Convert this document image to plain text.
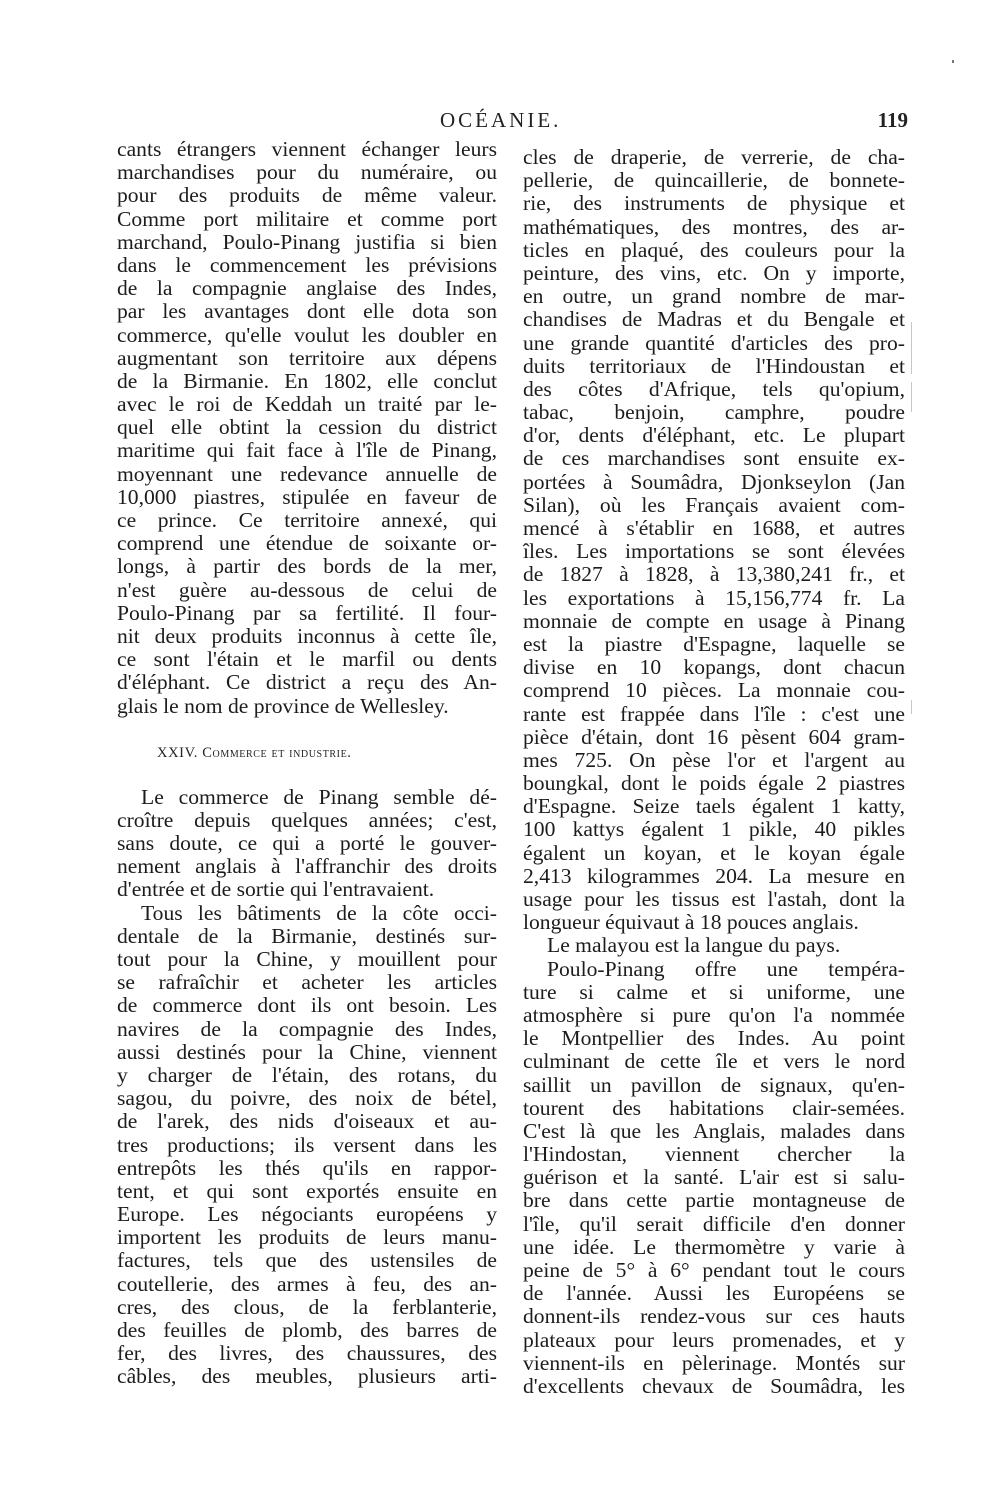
OCÉANIE.	119
cants étrangers viennent échanger leurs
marchandises pour du numéraire, ou
pour des produits de même valeur.
Comme port militaire et comme port
marchand, Poulo-Pinang justifia si bien
dans le commencement les prévisions
de la compagnie anglaise des Indes,
par les avantages dont elle dota son
commerce, qu'elle voulut les doubler en
augmentant son territoire aux dépens
de la Birmanie. En 1802, elle conclut
avec le roi de Keddah un traité par le-
quel elle obtint la cession du district
maritime qui fait face à l'île de Pinang,
moyennant une redevance annuelle de
10,000 piastres, stipulée en faveur de
ce prince. Ce territoire annexé, qui
comprend une étendue de soixante or-
longs, à partir des bords de la mer,
n'est guère au-dessous de celui de
Poulo-Pinang par sa fertilité. Il four-
nit deux produits inconnus à cette île,
ce sont l'étain et le marfil ou dents
d'éléphant. Ce district a reçu des An-
glais le nom de province de Wellesley.
XXIV. Commerce et industrie.
Le commerce de Pinang semble dé-
croître depuis quelques années; c'est,
sans doute, ce qui a porté le gouver-
nement anglais à l'affranchir des droits
d'entrée et de sortie qui l'entravaient.
Tous les bâtiments de la côte occi-
dentale de la Birmanie, destinés sur-
tout pour la Chine, y mouillent pour
se rafraîchir et acheter les articles
de commerce dont ils ont besoin. Les
navires de la compagnie des Indes,
aussi destinés pour la Chine, viennent
y charger de l'étain, des rotans, du
sagou, du poivre, des noix de bétel,
de l'arek, des nids d'oiseaux et au-
tres productions; ils versent dans les
entrepôts les thés qu'ils en rappor-
tent, et qui sont exportés ensuite en
Europe. Les négociants européens y
importent les produits de leurs manu-
factures, tels que des ustensiles de
coutellerie, des armes à feu, des an-
cres, des clous, de la ferblanterie,
des feuilles de plomb, des barres de
fer, des livres, des chaussures, des
câbles, des meubles, plusieurs arti-
cles de draperie, de verrerie, de cha-
pellerie, de quincaillerie, de bonnete-
rie, des instruments de physique et
mathématiques, des montres, des ar-
ticles en plaqué, des couleurs pour la
peinture, des vins, etc. On y importe,
en outre, un grand nombre de mar-
chandises de Madras et du Bengale et
une grande quantité d'articles des pro-
duits territoriaux de l'Hindoustan et
des côtes d'Afrique, tels qu'opium,
tabac, benjoin, camphre, poudre
d'or, dents d'éléphant, etc. Le plupart
de ces marchandises sont ensuite ex-
portées à Soumâdra, Djonkseylon (Jan
Silan), où les Français avaient com-
mencé à s'établir en 1688, et autres
îles. Les importations se sont élevées
de 1827 à 1828, à 13,380,241 fr., et
les exportations à 15,156,774 fr. La
monnaie de compte en usage à Pinang
est la piastre d'Espagne, laquelle se
divise en 10 kopangs, dont chacun
comprend 10 pièces. La monnaie cou-
rante est frappée dans l'île : c'est une
pièce d'étain, dont 16 pèsent 604 gram-
mes 725. On pèse l'or et l'argent au
boungkal, dont le poids égale 2 piastres
d'Espagne. Seize taels égalent 1 katty,
100 kattys égalent 1 pikle, 40 pikles
égalent un koyan, et le koyan égale
2,413 kilogrammes 204. La mesure en
usage pour les tissus est l'astah, dont la
longueur équivaut à 18 pouces anglais.
Le malayou est la langue du pays.
Poulo-Pinang offre une tempéra-
ture si calme et si uniforme, une
atmosphère si pure qu'on l'a nommée
le Montpellier des Indes. Au point
culminant de cette île et vers le nord
saillit un pavillon de signaux, qu'en-
tourent des habitations clair-semées.
C'est là que les Anglais, malades dans
l'Hindostan, viennent chercher la
guérison et la santé. L'air est si salu-
bre dans cette partie montagneuse de
l'île, qu'il serait difficile d'en donner
une idée. Le thermomètre y varie à
peine de 5° à 6° pendant tout le cours
de l'année. Aussi les Européens se
donnent-ils rendez-vous sur ces hauts
plateaux pour leurs promenades, et y
viennent-ils en pèlerinage. Montés sur
d'excellents chevaux de Soumâdra, les
